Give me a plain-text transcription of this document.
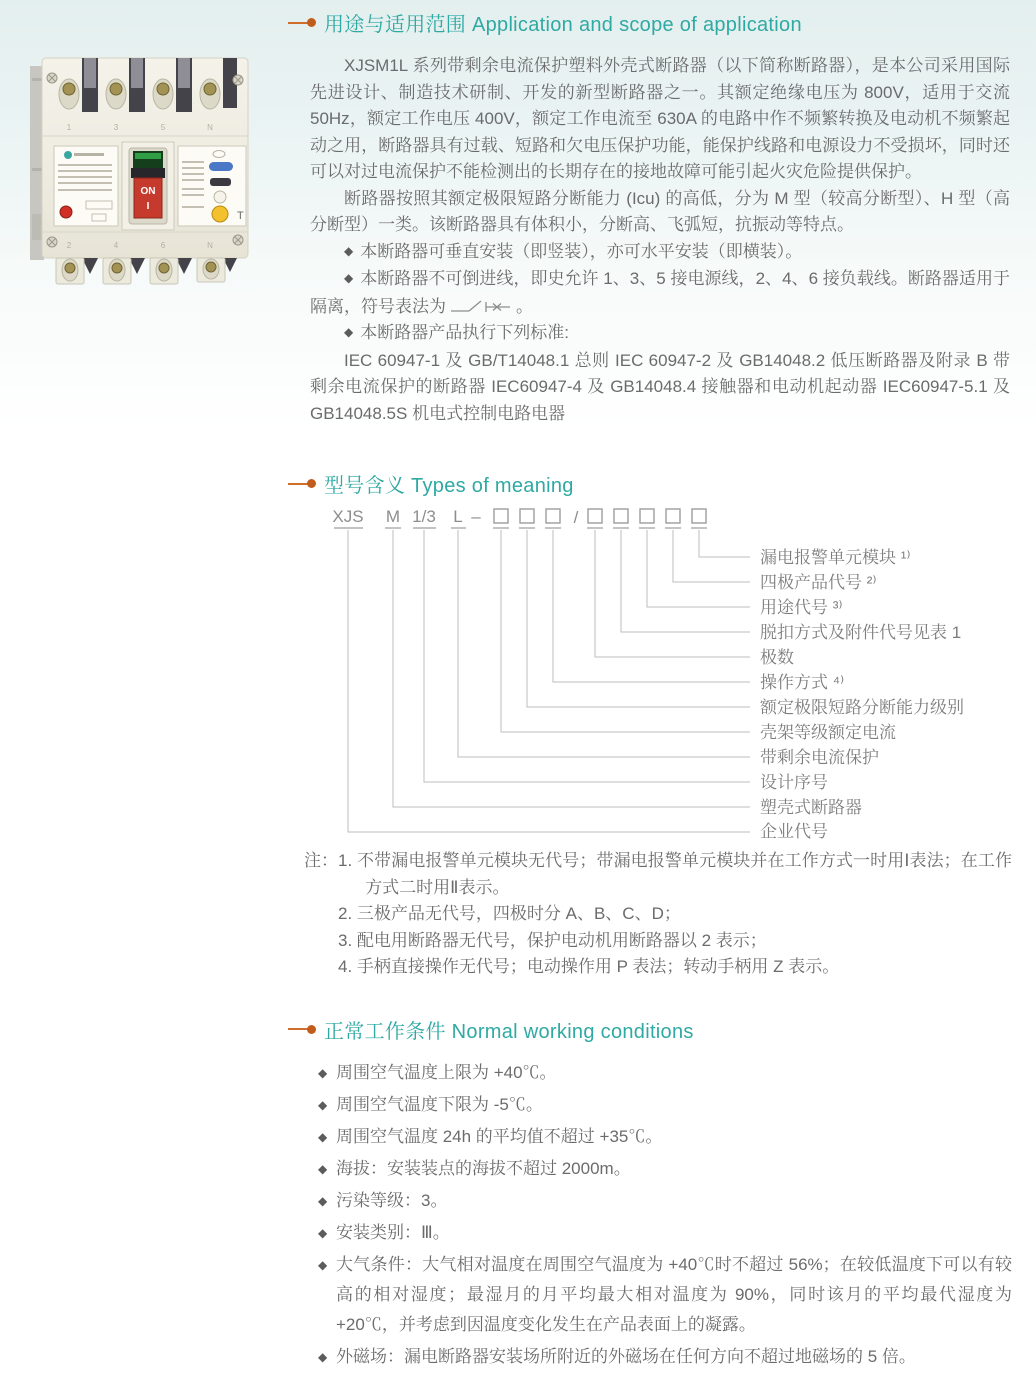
1	3	5	N
ON
I
T
2	4	6	N
用途与适用范围 Application and scope of application

XJSM1L 系列带剩余电流保护塑料外壳式断路器（以下简称断路器），是本公司采用国际先进设计、制造技术研制、开发的新型断路器之一。其额定绝缘电压为 800V，适用于交流 50Hz，额定工作电压 400V，额定工作电流至 630A 的电路中作不频繁转换及电动机不频繁起动之用，断路器具有过载、短路和欠电压保护功能，能保护线路和电源设力不受损坏，同时还可以对过电流保护不能检测出的长期存在的接地故障可能引起火灾危险提供保护。

断路器按照其额定极限短路分断能力 (Icu) 的高低，分为 M 型（较高分断型）、H 型（高分断型）一类。该断路器具有体积小，分断高、飞弧短，抗振动等特点。

◆ 本断路器可垂直安装（即竖装），亦可水平安装（即横装）。

◆ 本断路器不可倒进线，即史允许 1、3、5 接电源线，2、4、6 接负载线。断路器适用于隔离，符号表法为	。

◆ 本断路器产品执行下列标准:

IEC 60947-1 及 GB/T14048.1 总则 IEC 60947-2 及 GB14048.2 低压断路器及附录 B 带剩余电流保护的断路器 IEC60947-4 及 GB14048.4 接触器和电动机起动器 IEC60947-5.1 及 GB14048.5S 机电式控制电路电器

型号含义 Types of meaning
XJS M 1/3 L –	/
漏电报警单元模块 ¹⁾
四极产品代号 ²⁾
用途代号 ³⁾
脱扣方式及附件代号见表 1
极数
操作方式 ⁴⁾
额定极限短路分断能力级别
壳架等级额定电流
带剩余电流保护
设计序号
塑壳式断路器
企业代号
注： 1. 不带漏电报警单元模块无代号；带漏电报警单元模块并在工作方式一时用Ⅰ表法；在工作方式二时用Ⅱ表示。

2. 三极产品无代号，四极时分 A、B、C、D；

3. 配电用断路器无代号，保护电动机用断路器以 2 表示；

4. 手柄直接操作无代号；电动操作用 P 表法；转动手柄用 Z 表示。

正常工作条件 Normal working conditions
◆ 周围空气温度上限为 +40℃。
◆ 周围空气温度下限为 -5℃。
◆ 周围空气温度 24h 的平均值不超过 +35℃。
◆ 海拔：安装装点的海拔不超过 2000m。
◆ 污染等级：3。
◆ 安装类别：Ⅲ。
◆ 大气条件：大气相对温度在周围空气温度为 +40℃时不超过 56%；在较低温度下可以有较高的相对湿度；最湿月的月平均最大相对温度为 90%，同时该月的平均最代湿度为 +20℃，并考虑到因温度变化发生在产品表面上的凝露。
◆ 外磁场：漏电断路器安装场所附近的外磁场在任何方向不超过地磁场的 5 倍。
